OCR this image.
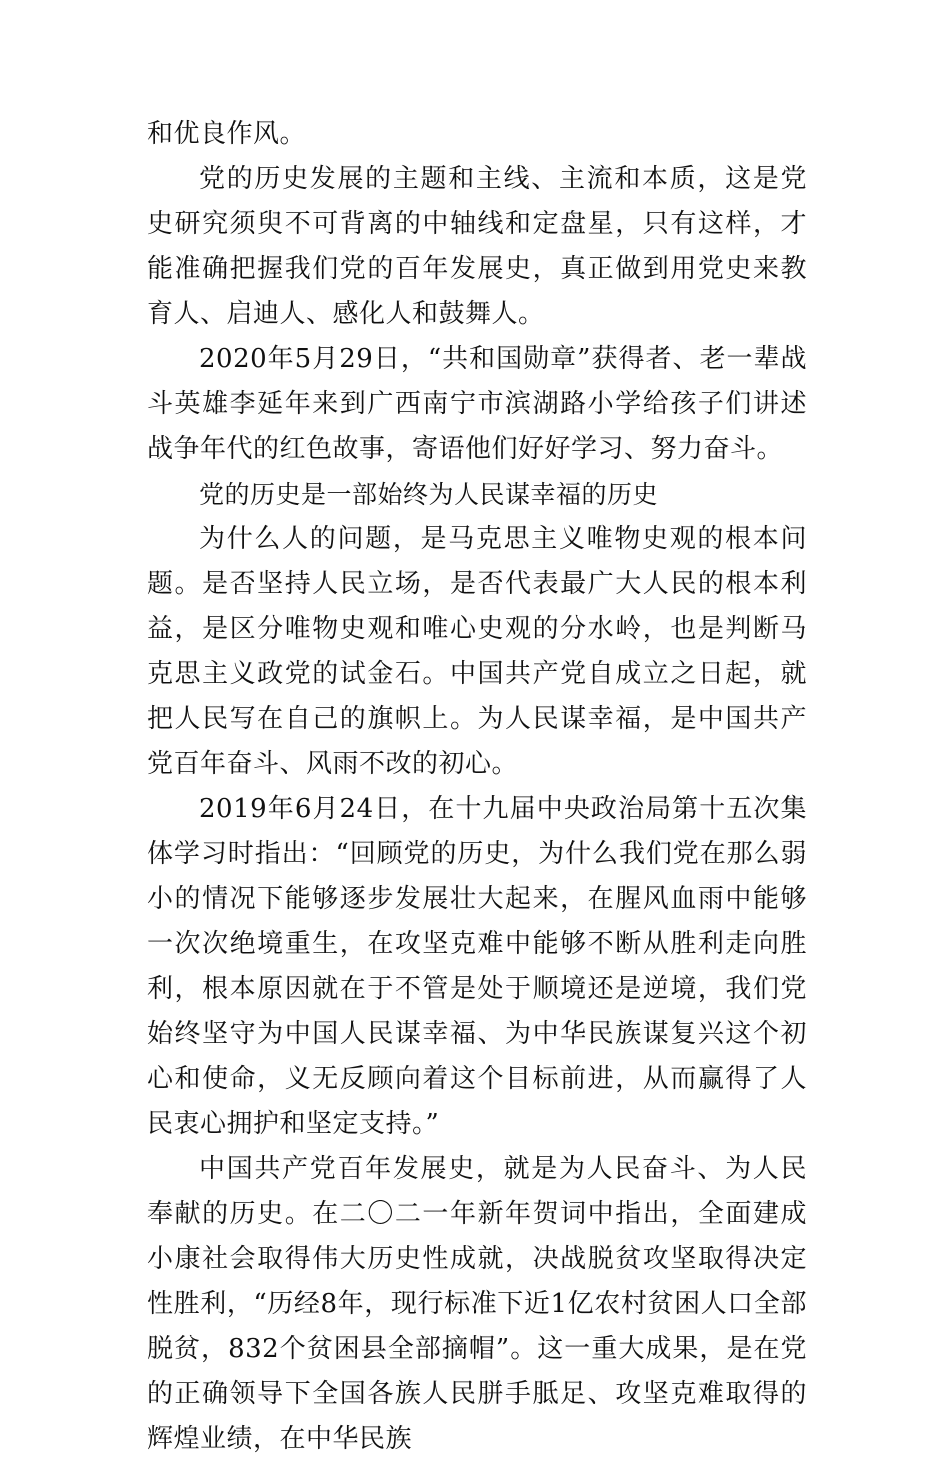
和优良作风。

党的历史发展的主题和主线、主流和本质，这是党史研究须臾不可背离的中轴线和定盘星，只有这样，才能准确把握我们党的百年发展史，真正做到用党史来教育人、启迪人、感化人和鼓舞人。

2020年5月29日，“共和国勋章”获得者、老一辈战斗英雄李延年来到广西南宁市滨湖路小学给孩子们讲述战争年代的红色故事，寄语他们好好学习、努力奋斗。

党的历史是一部始终为人民谋幸福的历史

为什么人的问题，是马克思主义唯物史观的根本问题。是否坚持人民立场，是否代表最广大人民的根本利益，是区分唯物史观和唯心史观的分水岭，也是判断马克思主义政党的试金石。中国共产党自成立之日起，就把人民写在自己的旗帜上。为人民谋幸福，是中国共产党百年奋斗、风雨不改的初心。

2019年6月24日，在十九届中央政治局第十五次集体学习时指出：“回顾党的历史，为什么我们党在那么弱小的情况下能够逐步发展壮大起来，在腥风血雨中能够一次次绝境重生，在攻坚克难中能够不断从胜利走向胜利，根本原因就在于不管是处于顺境还是逆境，我们党始终坚守为中国人民谋幸福、为中华民族谋复兴这个初心和使命，义无反顾向着这个目标前进，从而赢得了人民衷心拥护和坚定支持。”

中国共产党百年发展史，就是为人民奋斗、为人民奉献的历史。在二〇二一年新年贺词中指出，全面建成小康社会取得伟大历史性成就，决战脱贫攻坚取得决定性胜利，“历经8年，现行标准下近1亿农村贫困人口全部脱贫，832个贫困县全部摘帽”。这一重大成果，是在党的正确领导下全国各族人民胼手胝足、攻坚克难取得的辉煌业绩，在中华民族
